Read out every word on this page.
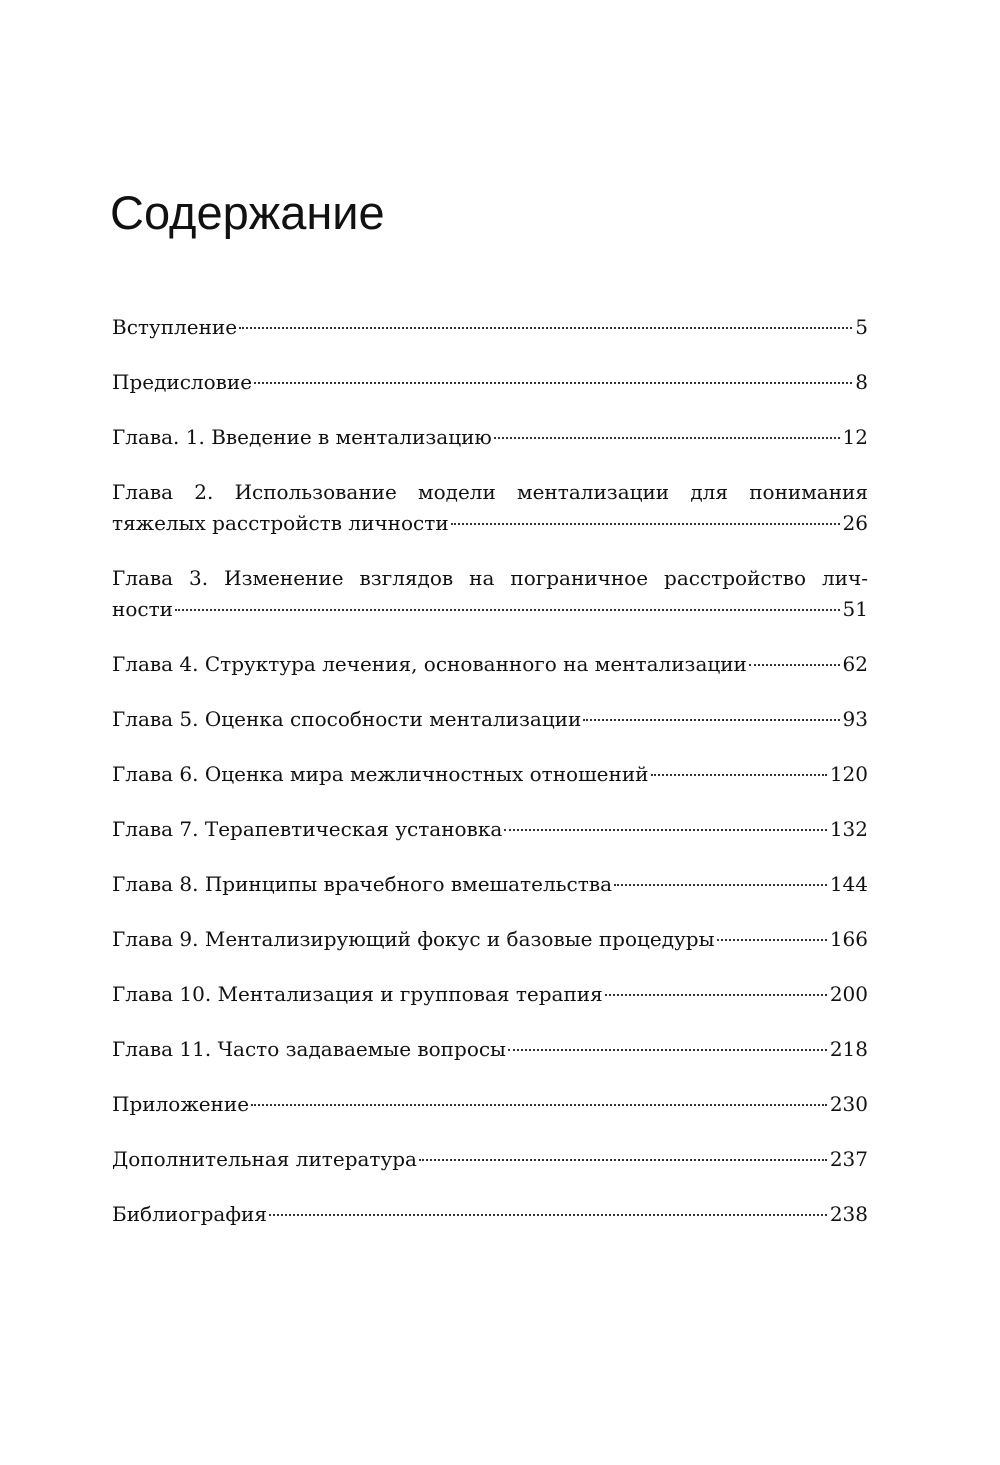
Содержание
Вступление	5
Предисловие	8
Глава. 1. Введение в ментализацию	12
Глава 2. Использование модели ментализации для понимания
тяжелых расстройств личности	26
Глава 3. Изменение взглядов на пограничное расстройство лич-
ности	51
Глава 4. Структура лечения, основанного на ментализации	62
Глава 5. Оценка способности ментализации	93
Глава 6. Оценка мира межличностных отношений	120
Глава 7. Терапевтическая установка	132
Глава 8. Принципы врачебного вмешательства	144
Глава 9. Ментализирующий фокус и базовые процедуры	166
Глава 10. Ментализация и групповая терапия	200
Глава 11. Часто задаваемые вопросы	218
Приложение	230
Дополнительная литература	237
Библиография	238
